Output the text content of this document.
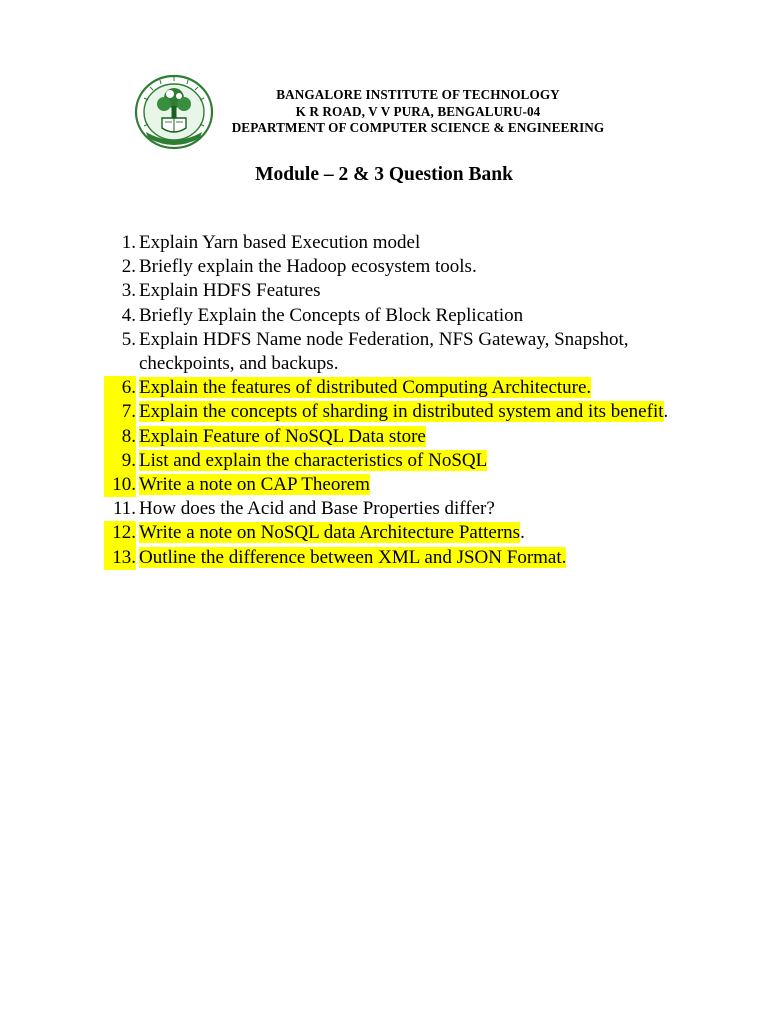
BANGALORE INSTITUTE OF TECHNOLOGY
K R ROAD, V V PURA, BENGALURU-04
DEPARTMENT OF COMPUTER SCIENCE & ENGINEERING
Module – 2 & 3 Question Bank
1. Explain Yarn based Execution model
2. Briefly explain the Hadoop ecosystem tools.
3. Explain HDFS Features
4. Briefly Explain the Concepts of Block Replication
5. Explain HDFS Name node Federation, NFS Gateway, Snapshot, checkpoints, and backups.
6. Explain the features of distributed Computing Architecture.
7. Explain the concepts of sharding in distributed system and its benefit.
8. Explain Feature of NoSQL Data store
9. List and explain the characteristics of NoSQL
10. Write a note on CAP Theorem
11. How does the Acid and Base Properties differ?
12. Write a note on NoSQL data Architecture Patterns.
13. Outline the difference between XML and JSON Format.
